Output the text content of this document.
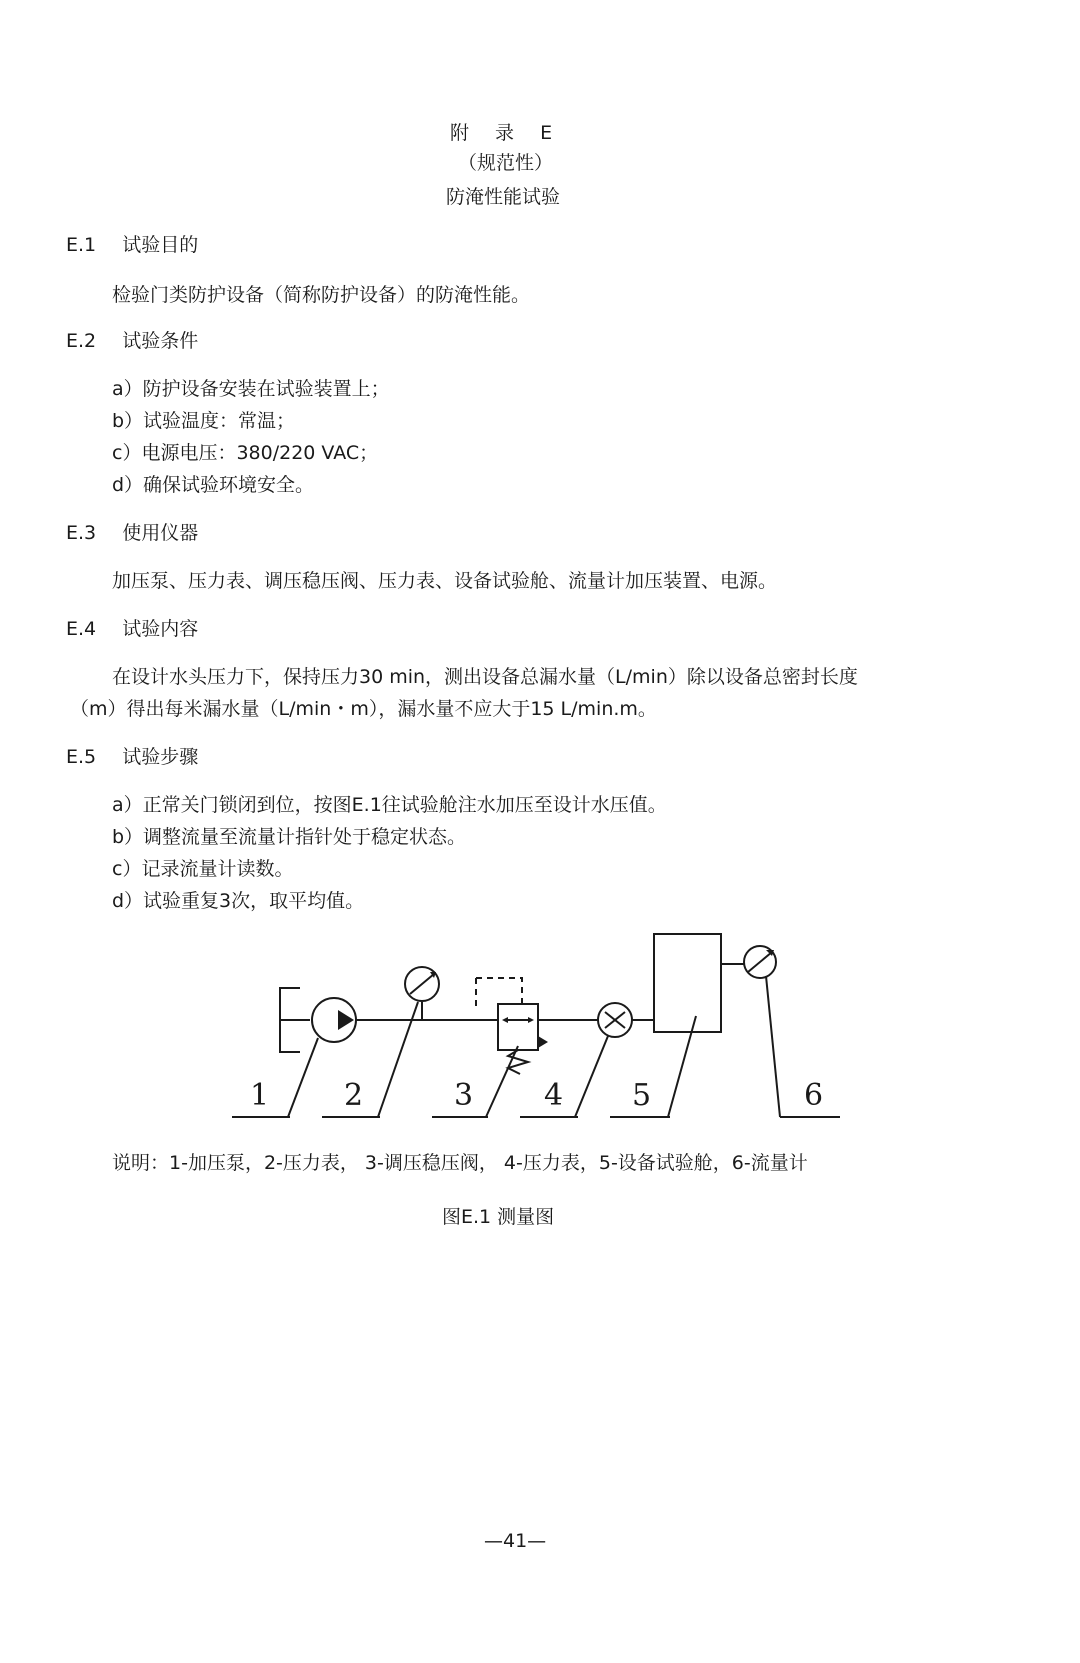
附 录 E
（规范性）
防淹性能试验
E.1 试验目的
检验门类防护设备（简称防护设备）的防淹性能。
E.2 试验条件
a）防护设备安装在试验装置上；
b）试验温度：常温；
c）电源电压：380/220 VAC；
d）确保试验环境安全。
E.3 使用仪器
加压泵、压力表、调压稳压阀、压力表、设备试验舱、流量计加压装置、电源。
E.4 试验内容
在设计水头压力下，保持压力30 min，测出设备总漏水量（L/min）除以设备总密封长度
（m）得出每米漏水量（L/min・m），漏水量不应大于15 L/min.m。
E.5 试验步骤
a）正常关门锁闭到位，按图E.1往试验舱注水加压至设计水压值。
b）调整流量至流量计指针处于稳定状态。
c）记录流量计读数。
d）试验重复3次，取平均值。
1 2	3 4 5	6
说明：1-加压泵，2-压力表， 3-调压稳压阀， 4-压力表，5-设备试验舱，6-流量计
图E.1 测量图
—41—
